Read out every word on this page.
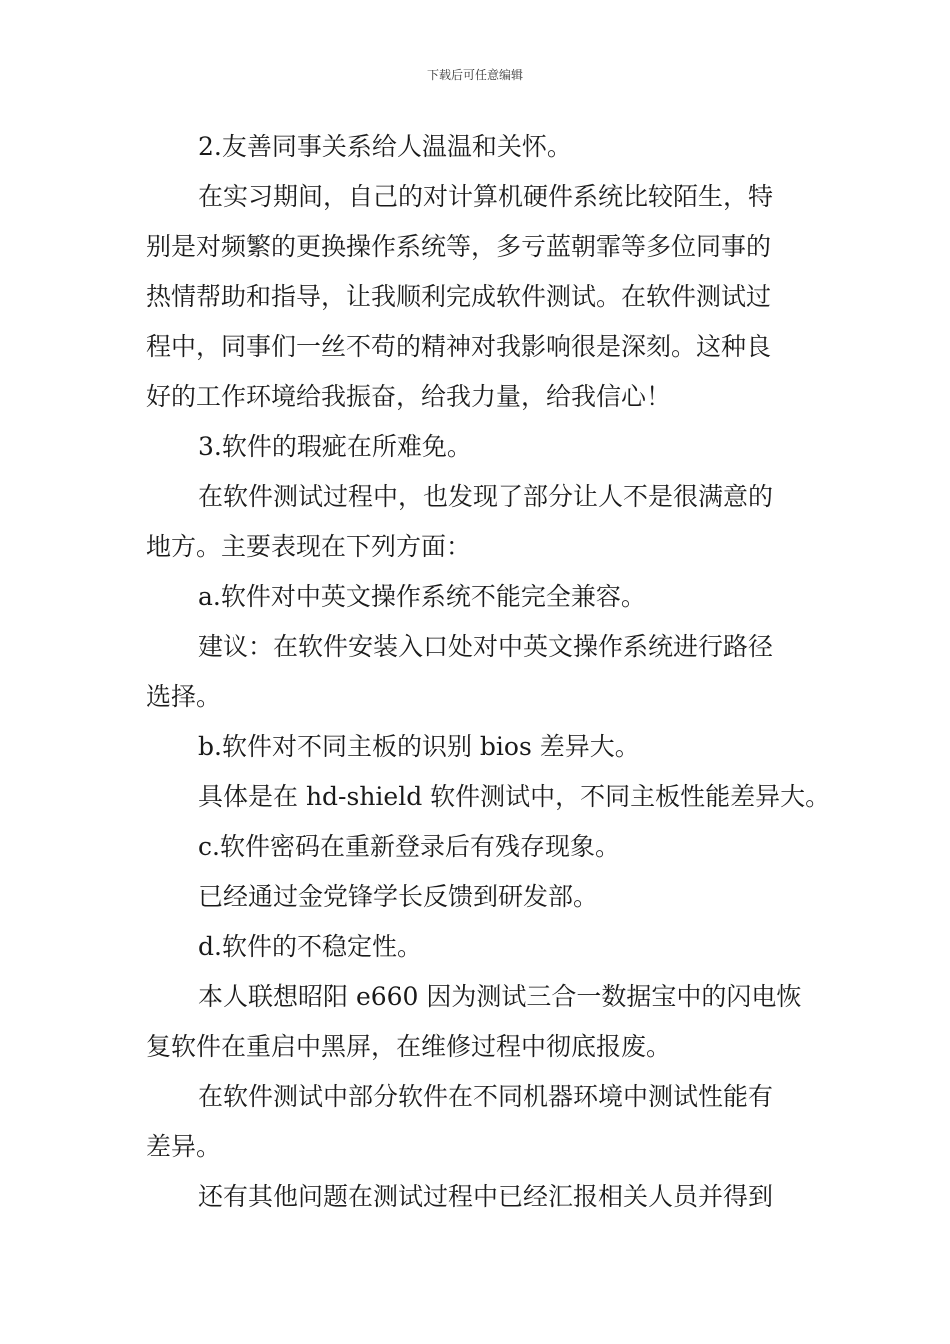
下载后可任意编辑

2.友善同事关系给人温温和关怀。

在实习期间，自己的对计算机硬件系统比较陌生，特

别是对频繁的更换操作系统等，多亏蓝朝霏等多位同事的

热情帮助和指导，让我顺利完成软件测试。在软件测试过

程中，同事们一丝不苟的精神对我影响很是深刻。这种良

好的工作环境给我振奋，给我力量，给我信心！

3.软件的瑕疵在所难免。

在软件测试过程中，也发现了部分让人不是很满意的

地方。主要表现在下列方面：

a.软件对中英文操作系统不能完全兼容。

建议：在软件安装入口处对中英文操作系统进行路径

选择。

b.软件对不同主板的识别 bios 差异大。

具体是在 hd-shield 软件测试中，不同主板性能差异大。

c.软件密码在重新登录后有残存现象。

已经通过金党锋学长反馈到研发部。

d.软件的不稳定性。

本人联想昭阳 e660 因为测试三合一数据宝中的闪电恢

复软件在重启中黑屏，在维修过程中彻底报废。

在软件测试中部分软件在不同机器环境中测试性能有

差异。

还有其他问题在测试过程中已经汇报相关人员并得到
